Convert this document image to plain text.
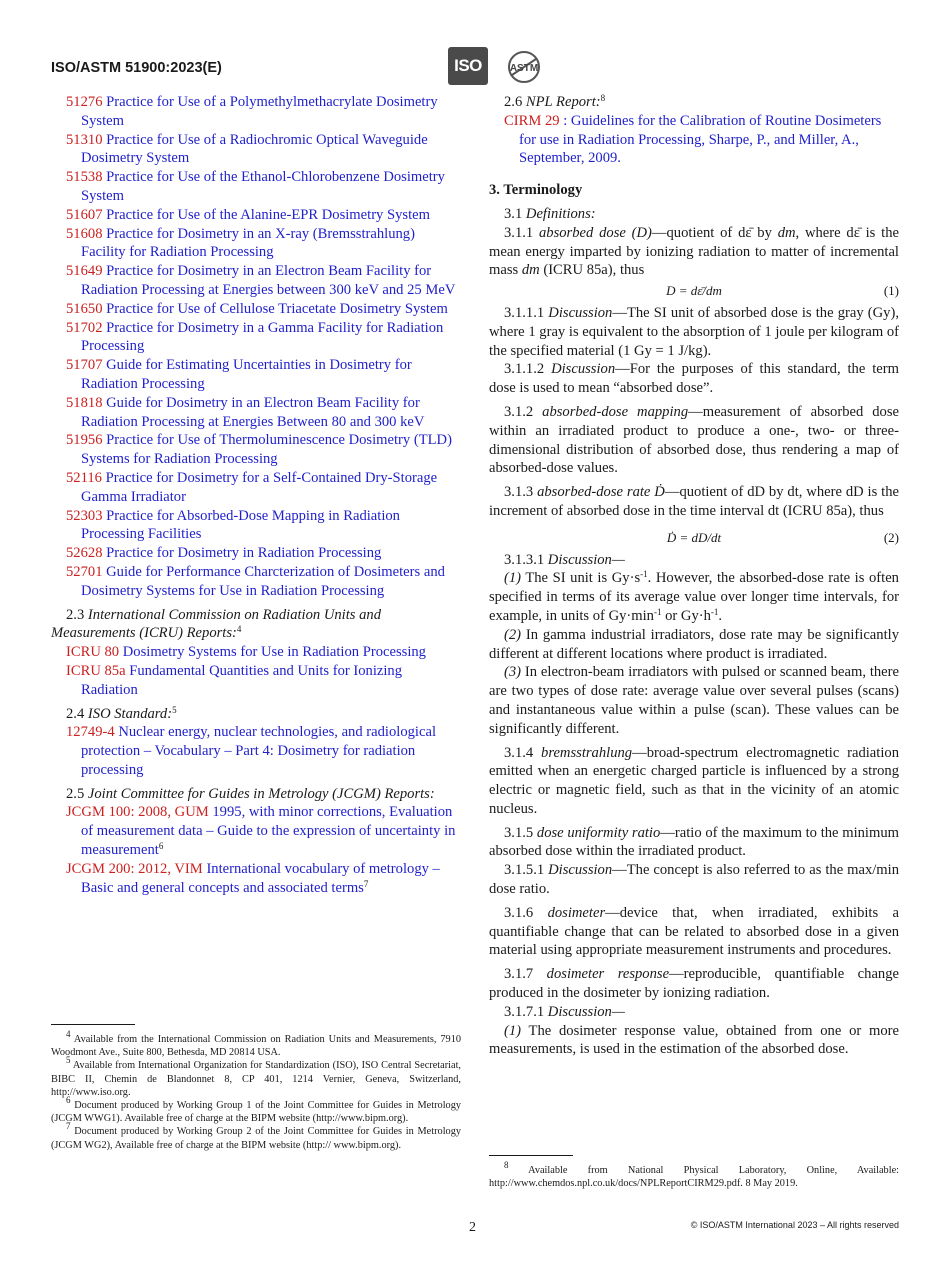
ISO/ASTM 51900:2023(E)	ISO	ASTM

51276 Practice for Use of a Polymethylmethacrylate Dosimetry System

51310 Practice for Use of a Radiochromic Optical Waveguide Dosimetry System

51538 Practice for Use of the Ethanol-Chlorobenzene Dosimetry System

51607 Practice for Use of the Alanine-EPR Dosimetry System

51608 Practice for Dosimetry in an X-ray (Bremsstrahlung) Facility for Radiation Processing

51649 Practice for Dosimetry in an Electron Beam Facility for Radiation Processing at Energies between 300 keV and 25 MeV

51650 Practice for Use of Cellulose Triacetate Dosimetry System

51702 Practice for Dosimetry in a Gamma Facility for Radiation Processing

51707 Guide for Estimating Uncertainties in Dosimetry for Radiation Processing

51818 Guide for Dosimetry in an Electron Beam Facility for Radiation Processing at Energies Between 80 and 300 keV

51956 Practice for Use of Thermoluminescence Dosimetry (TLD) Systems for Radiation Processing

52116 Practice for Dosimetry for a Self-Contained Dry-Storage Gamma Irradiator

52303 Practice for Absorbed-Dose Mapping in Radiation Processing Facilities

52628 Practice for Dosimetry in Radiation Processing

52701 Guide for Performance Charcterization of Dosimeters and Dosimetry Systems for Use in Radiation Processing

2.3 International Commission on Radiation Units and Measurements (ICRU) Reports:$^4$

ICRU 80 Dosimetry Systems for Use in Radiation Processing

ICRU 85a Fundamental Quantities and Units for Ionizing Radiation

2.4 ISO Standard:$^5$

12749-4 Nuclear energy, nuclear technologies, and radiological protection – Vocabulary – Part 4: Dosimetry for radiation processing

2.5 Joint Committee for Guides in Metrology (JCGM) Reports:

JCGM 100: 2008, GUM 1995, with minor corrections, Evaluation of measurement data – Guide to the expression of uncertainty in measurement$^6$

JCGM 200: 2012, VIM International vocabulary of metrology – Basic and general concepts and associated terms$^7$

$^4$ Available from the International Commission on Radiation Units and Measurements, 7910 Woodmont Ave., Suite 800, Bethesda, MD 20814 USA.

$^5$ Available from International Organization for Standardization (ISO), ISO Central Secretariat, BIBC II, Chemin de Blandonnet 8, CP 401, 1214 Vernier, Geneva, Switzerland, http://www.iso.org.

$^6$ Document produced by Working Group 1 of the Joint Committee for Guides in Metrology (JCGM WWG1). Available free of charge at the BIPM website (http://www.bipm.org).

$^7$ Document produced by Working Group 2 of the Joint Committee for Guides in Metrology (JCGM WG2), Available free of charge at the BIPM website (http:// www.bipm.org).

2.6 NPL Report:$^8$

CIRM 29 : Guidelines for the Calibration of Routine Dosimeters for use in Radiation Processing, Sharpe, P., and Miller, A., September, 2009.

3. Terminology

3.1 Definitions:

3.1.1 absorbed dose (D)—quotient of dε̄ by dm, where dε̄ is the mean energy imparted by ionizing radiation to matter of incremental mass dm (ICRU 85a), thus

D = dε̄/dm	(1)

3.1.1.1 Discussion—The SI unit of absorbed dose is the gray (Gy), where 1 gray is equivalent to the absorption of 1 joule per kilogram of the specified material (1 Gy = 1 J/kg).

3.1.1.2 Discussion—For the purposes of this standard, the term dose is used to mean “absorbed dose”.

3.1.2 absorbed-dose mapping—measurement of absorbed dose within an irradiated product to produce a one-, two- or three-dimensional distribution of absorbed dose, thus rendering a map of absorbed-dose values.

3.1.3 absorbed-dose rate Ḋ—quotient of dD by dt, where dD is the increment of absorbed dose in the time interval dt (ICRU 85a), thus

Ḋ = dD/dt	(2)

3.1.3.1 Discussion—

(1) The SI unit is $Gy\cdot s^{-1}$. However, the absorbed-dose rate is often specified in terms of its average value over longer time intervals, for example, in units of $Gy\cdot\min^{-1}$ or $Gy\cdot h^{-1}$.

(2) In gamma industrial irradiators, dose rate may be significantly different at different locations where product is irradiated.

(3) In electron-beam irradiators with pulsed or scanned beam, there are two types of dose rate: average value over several pulses (scans) and instantaneous value within a pulse (scan). These values can be significantly different.

3.1.4 bremsstrahlung—broad-spectrum electromagnetic radiation emitted when an energetic charged particle is influenced by a strong electric or magnetic field, such as that in the vicinity of an atomic nucleus.

3.1.5 dose uniformity ratio—ratio of the maximum to the minimum absorbed dose within the irradiated product.

3.1.5.1 Discussion—The concept is also referred to as the max/min dose ratio.

3.1.6 dosimeter—device that, when irradiated, exhibits a quantifiable change that can be related to absorbed dose in a given material using appropriate measurement instruments and procedures.

3.1.7 dosimeter response—reproducible, quantifiable change produced in the dosimeter by ionizing radiation.

3.1.7.1 Discussion—

(1) The dosimeter response value, obtained from one or more measurements, is used in the estimation of the absorbed dose.

$^8$ Available from National Physical Laboratory, Online, Available: http://www.chemdos.npl.co.uk/docs/NPLReportCIRM29.pdf. 8 May 2019.

2	© ISO/ASTM International 2023 – All rights reserved
